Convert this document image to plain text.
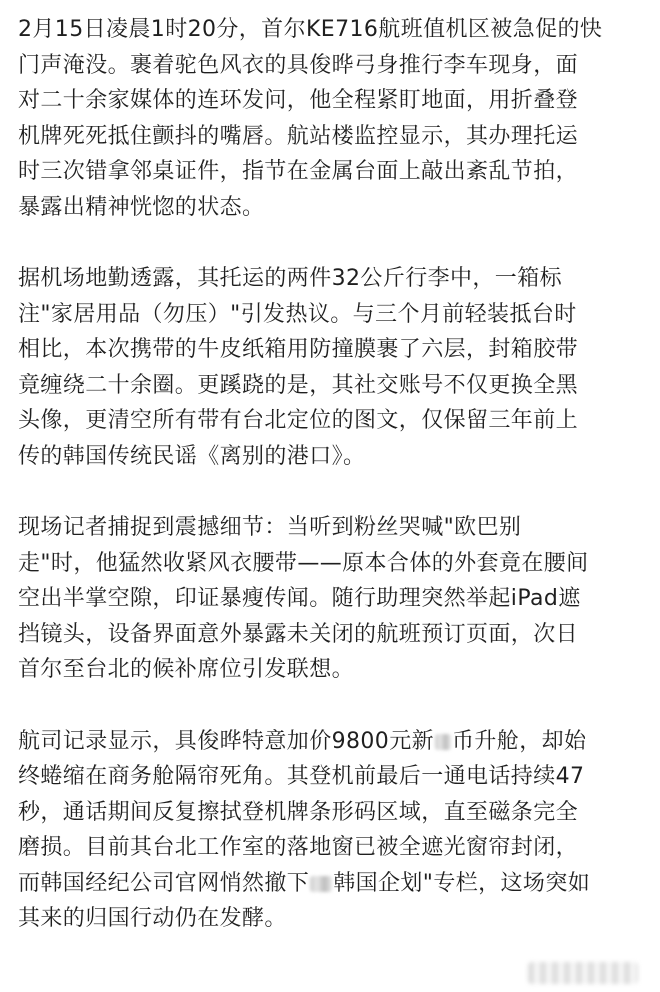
2月15日凌晨1时20分，首尔KE716航班值机区被急促的快
门声淹没。裹着驼色风衣的具俊晔弓身推行李车现身，面
对二十余家媒体的连环发问，他全程紧盯地面，用折叠登
机牌死死抵住颤抖的嘴唇。航站楼监控显示，其办理托运
时三次错拿邻桌证件，指节在金属台面上敲出紊乱节拍，
暴露出精神恍惚的状态。

据机场地勤透露，其托运的两件32公斤行李中，一箱标
注"家居用品（勿压）"引发热议。与三个月前轻装抵台时
相比，本次携带的牛皮纸箱用防撞膜裹了六层，封箱胶带
竟缠绕二十余圈。更蹊跷的是，其社交账号不仅更换全黑
头像，更清空所有带有台北定位的图文，仅保留三年前上
传的韩国传统民谣《离别的港口》。

现场记者捕捉到震撼细节：当听到粉丝哭喊"欧巴别
走"时，他猛然收紧风衣腰带——原本合体的外套竟在腰间
空出半掌空隙，印证暴瘦传闻。随行助理突然举起iPad遮
挡镜头，设备界面意外暴露未关闭的航班预订页面，次日
首尔至台北的候补席位引发联想。

航司记录显示，具俊晔特意加价9800元新 币升舱，却始
终蜷缩在商务舱隔帘死角。其登机前最后一通电话持续47
秒，通话期间反复擦拭登机牌条形码区域，直至磁条完全
磨损。目前其台北工作室的落地窗已被全遮光窗帘封闭，
而韩国经纪公司官网悄然撤下 韩国企划"专栏，这场突如
其来的归国行动仍在发酵。
